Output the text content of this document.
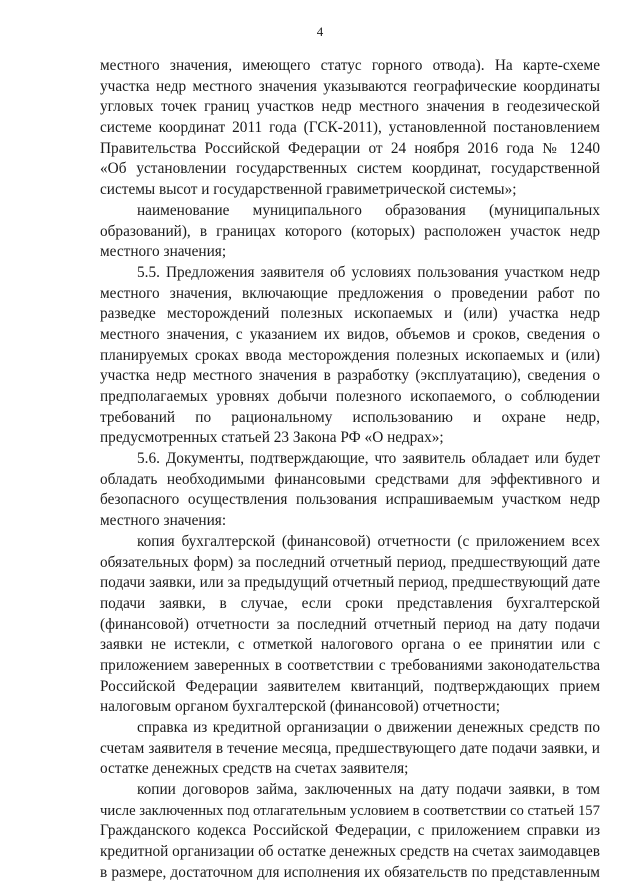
4
местного значения, имеющего статус горного отвода). На карте-схеме
участка недр местного значения указываются географические координаты
угловых точек границ участков недр местного значения в геодезической
системе координат 2011 года (ГСК-2011), установленной постановлением
Правительства Российской Федерации от 24 ноября 2016 года № 1240
«Об установлении государственных систем координат, государственной
системы высот и государственной гравиметрической системы»;
наименование муниципального образования (муниципальных
образований), в границах которого (которых) расположен участок недр
местного значения;
5.5. Предложения заявителя об условиях пользования участком недр
местного значения, включающие предложения о проведении работ по
разведке месторождений полезных ископаемых и (или) участка недр
местного значения, с указанием их видов, объемов и сроков, сведения о
планируемых сроках ввода месторождения полезных ископаемых и (или)
участка недр местного значения в разработку (эксплуатацию), сведения о
предполагаемых уровнях добычи полезного ископаемого, о соблюдении
требований по рациональному использованию и охране недр,
предусмотренных статьей 23 Закона РФ «О недрах»;
5.6. Документы, подтверждающие, что заявитель обладает или будет
обладать необходимыми финансовыми средствами для эффективного и
безопасного осуществления пользования испрашиваемым участком недр
местного значения:
копия бухгалтерской (финансовой) отчетности (с приложением всех
обязательных форм) за последний отчетный период, предшествующий дате
подачи заявки, или за предыдущий отчетный период, предшествующий дате
подачи заявки, в случае, если сроки представления бухгалтерской
(финансовой) отчетности за последний отчетный период на дату подачи
заявки не истекли, с отметкой налогового органа о ее принятии или с
приложением заверенных в соответствии с требованиями законодательства
Российской Федерации заявителем квитанций, подтверждающих прием
налоговым органом бухгалтерской (финансовой) отчетности;
справка из кредитной организации о движении денежных средств по
счетам заявителя в течение месяца, предшествующего дате подачи заявки, и
остатке денежных средств на счетах заявителя;
копии договоров займа, заключенных на дату подачи заявки, в том
числе заключенных под отлагательным условием в соответствии со статьей 157
Гражданского кодекса Российской Федерации, с приложением справки из
кредитной организации об остатке денежных средств на счетах заимодавцев
в размере, достаточном для исполнения их обязательств по представленным
